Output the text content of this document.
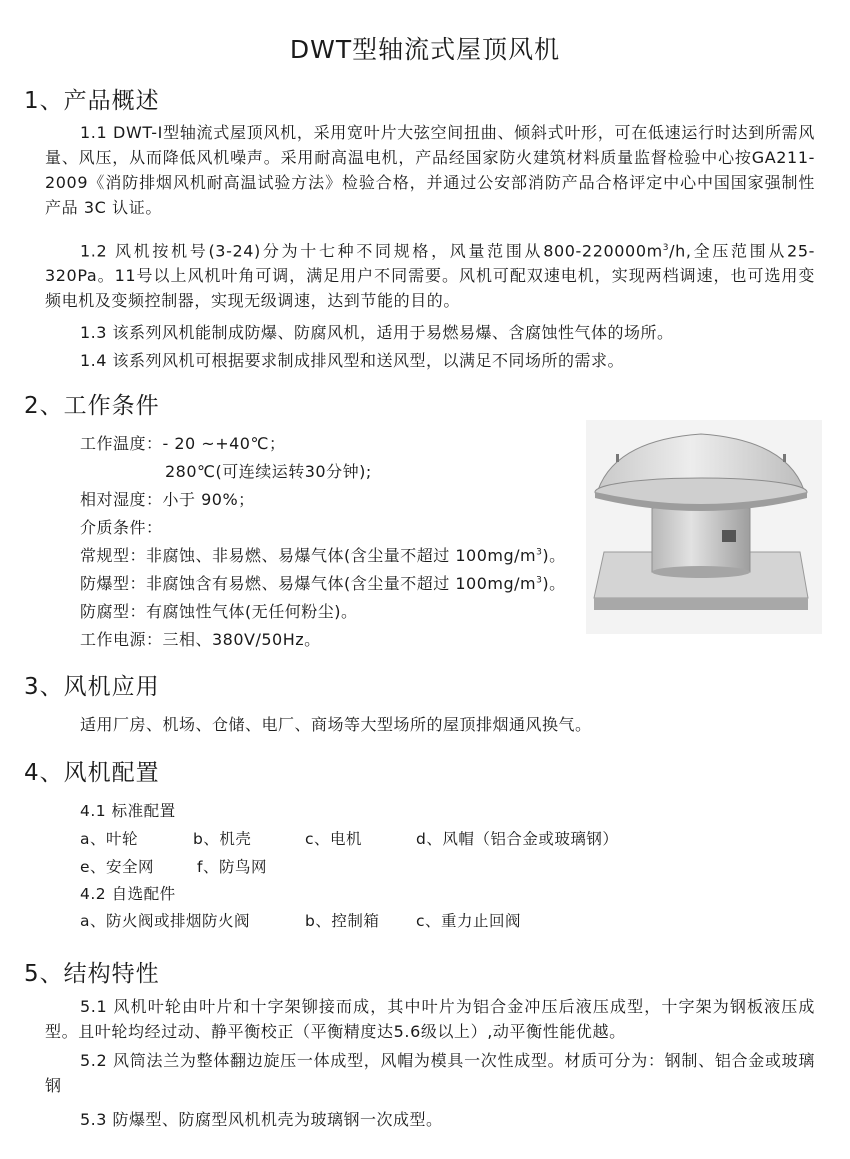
DWT型轴流式屋顶风机
1、产品概述
1.1 DWT-I型轴流式屋顶风机，采用宽叶片大弦空间扭曲、倾斜式叶形，可在低速运行时达到所需风量、风压，从而降低风机噪声。采用耐高温电机，产品经国家防火建筑材料质量监督检验中心按GA211-2009《消防排烟风机耐高温试验方法》检验合格，并通过公安部消防产品合格评定中心中国国家强制性产品 3C 认证。
1.2 风机按机号(3-24)分为十七种不同规格，风量范围从$800-220000m^3/h$,全压范围从25-320Pa。11号以上风机叶角可调，满足用户不同需要。风机可配双速电机，实现两档调速，也可选用变频电机及变频控制器，实现无级调速，达到节能的目的。
1.3 该系列风机能制成防爆、防腐风机，适用于易燃易爆、含腐蚀性气体的场所。
1.4 该系列风机可根据要求制成排风型和送风型，以满足不同场所的需求。
2、工作条件
工作温度：- 20 ~+40℃；
280℃(可连续运转30分钟);
相对湿度：小于 90%；
介质条件：
常规型：非腐蚀、非易燃、易爆气体(含尘量不超过 $100mg/m^3$)。
防爆型：非腐蚀含有易燃、易爆气体(含尘量不超过 $100mg/m^3$)。
防腐型：有腐蚀性气体(无任何粉尘)。
工作电源：三相、380V/50Hz。
3、风机应用
适用厂房、机场、仓储、电厂、商场等大型场所的屋顶排烟通风换气。
4、风机配置
4.1 标准配置
a、叶轮	b、机壳	c、电机	d、风帽（铝合金或玻璃钢）
e、安全网	f、防鸟网
4.2 自选配件
a、防火阀或排烟防火阀	b、控制箱 c、重力止回阀
5、结构特性
5.1 风机叶轮由叶片和十字架铆接而成，其中叶片为铝合金冲压后液压成型，十字架为钢板液压成型。且叶轮均经过动、静平衡校正（平衡精度达5.6级以上）,动平衡性能优越。
5.2 风筒法兰为整体翻边旋压一体成型，风帽为模具一次性成型。材质可分为：钢制、铝合金或玻璃钢
5.3 防爆型、防腐型风机机壳为玻璃钢一次成型。
